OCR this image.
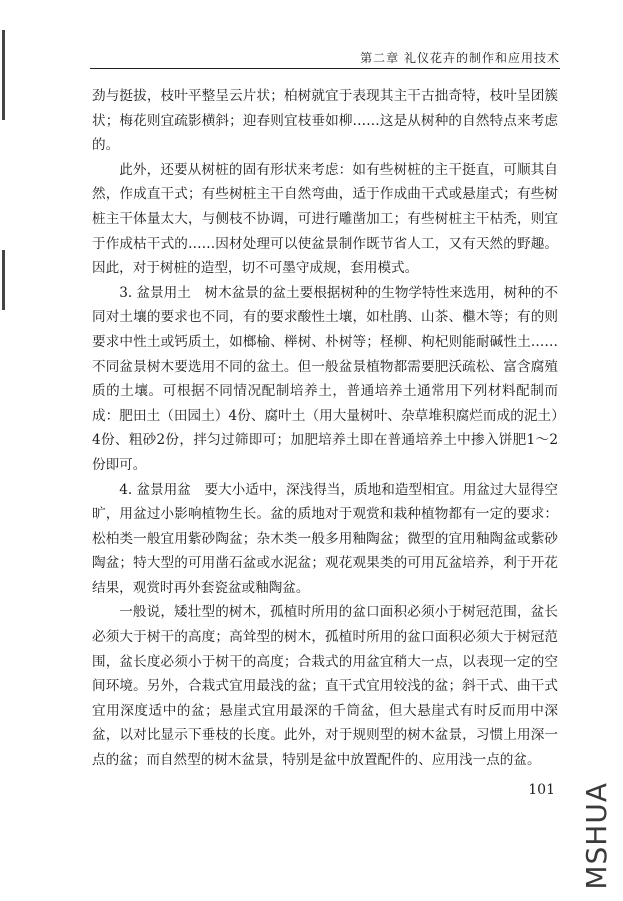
第二章 礼仪花卉的制作和应用技术

劲与挺拔，枝叶平整呈云片状；柏树就宜于表现其主干古拙奇特，枝叶呈团簇状；梅花则宜疏影横斜；迎春则宜枝垂如柳……这是从树种的自然特点来考虑的。

此外，还要从树桩的固有形状来考虑：如有些树桩的主干挺直，可顺其自然，作成直干式；有些树桩主干自然弯曲，适于作成曲干式或悬崖式；有些树桩主干体量太大，与侧枝不协调，可进行雕凿加工；有些树桩主干枯秃，则宜于作成枯干式的……因材处理可以使盆景制作既节省人工，又有天然的野趣。因此，对于树桩的造型，切不可墨守成规，套用模式。

3. 盆景用土　树木盆景的盆土要根据树种的生物学特性来选用，树种的不同对土壤的要求也不同，有的要求酸性土壤，如杜鹃、山茶、檵木等；有的则要求中性土或钙质土，如榔榆、榉树、朴树等；柽柳、枸杞则能耐碱性土……不同盆景树木要选用不同的盆土。但一般盆景植物都需要肥沃疏松、富含腐殖质的土壤。可根据不同情况配制培养土，普通培养土通常用下列材料配制而成：肥田土（田园土）4份、腐叶土（用大量树叶、杂草堆积腐烂而成的泥土）4份、粗砂2份，拌匀过筛即可；加肥培养土即在普通培养土中掺入饼肥1～2份即可。

4. 盆景用盆　要大小适中，深浅得当，质地和造型相宜。用盆过大显得空旷，用盆过小影响植物生长。盆的质地对于观赏和栽种植物都有一定的要求：松柏类一般宜用紫砂陶盆；杂木类一般多用釉陶盆；微型的宜用釉陶盆或紫砂陶盆；特大型的可用凿石盆或水泥盆；观花观果类的可用瓦盆培养，利于开花结果，观赏时再外套瓷盆或釉陶盆。

一般说，矮壮型的树木，孤植时所用的盆口面积必须小于树冠范围，盆长必须大于树干的高度；高耸型的树木，孤植时所用的盆口面积必须大于树冠范围，盆长度必须小于树干的高度；合栽式的用盆宜稍大一点，以表现一定的空间环境。另外，合栽式宜用最浅的盆；直干式宜用较浅的盆；斜干式、曲干式宜用深度适中的盆；悬崖式宜用最深的千筒盆，但大悬崖式有时反而用中深盆，以对比显示下垂枝的长度。此外，对于规则型的树木盆景，习惯上用深一点的盆；而自然型的树木盆景，特别是盆中放置配件的、应用浅一点的盆。

101 MSHUA
